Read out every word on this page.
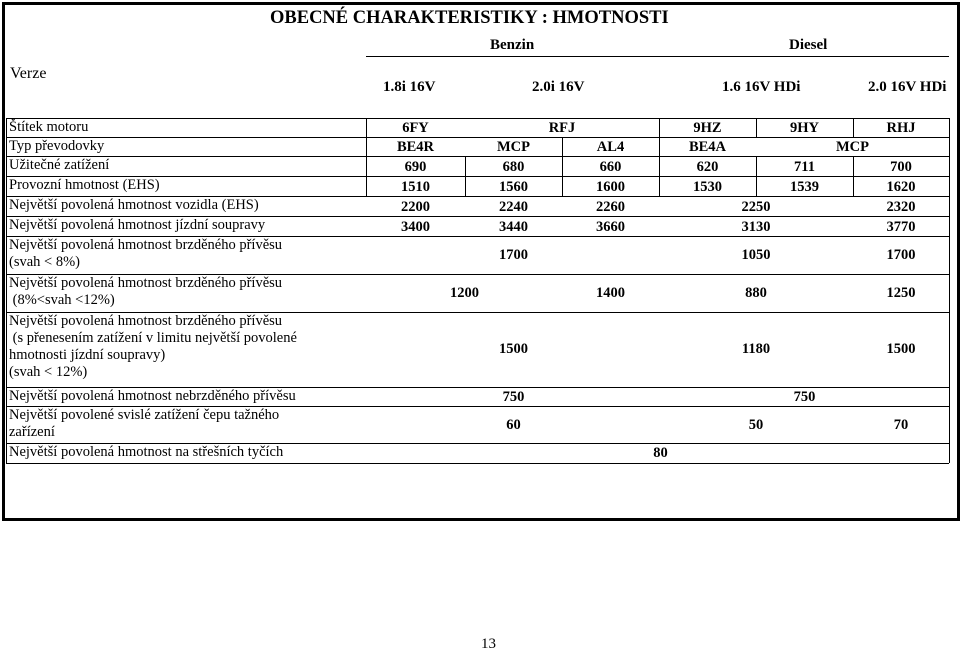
OBECNÉ CHARAKTERISTIKY : HMOTNOSTI
Verze
Benzin	Diesel
1.8i 16V	2.0i 16V	1.6 16V HDi	2.0 16V HDi
Štítek motoru	6FY	RFJ	9HZ	9HY	RHJ
Typ převodovky	BE4R	MCP	AL4	BE4A	MCP
Užitečné zatížení	690	680	660	620	711	700
Provozní hmotnost (EHS)	1510	1560	1600	1530	1539	1620
Největší povolená hmotnost vozidla (EHS)	2200	2240	2260	2250	2320
Největší povolená hmotnost jízdní soupravy	3400	3440	3660	3130	3770
Největší povolená hmotnost brzděného přívěsu
(svah < 8%)	1700	1050	1700
Největší povolená hmotnost brzděného přívěsu
(8%<svah <12%)	1200	1400	880	1250
Největší povolená hmotnost brzděného přívěsu
(s přenesením zatížení v limitu největší povolené
hmotnosti jízdní soupravy)
(svah < 12%)
1500	1180	1500
Největší povolená hmotnost nebrzděného přívěsu	750	750
Největší povolené svislé zatížení čepu tažného
zařízení	60	50	70
Největší povolená hmotnost na střešních tyčích	80
13
